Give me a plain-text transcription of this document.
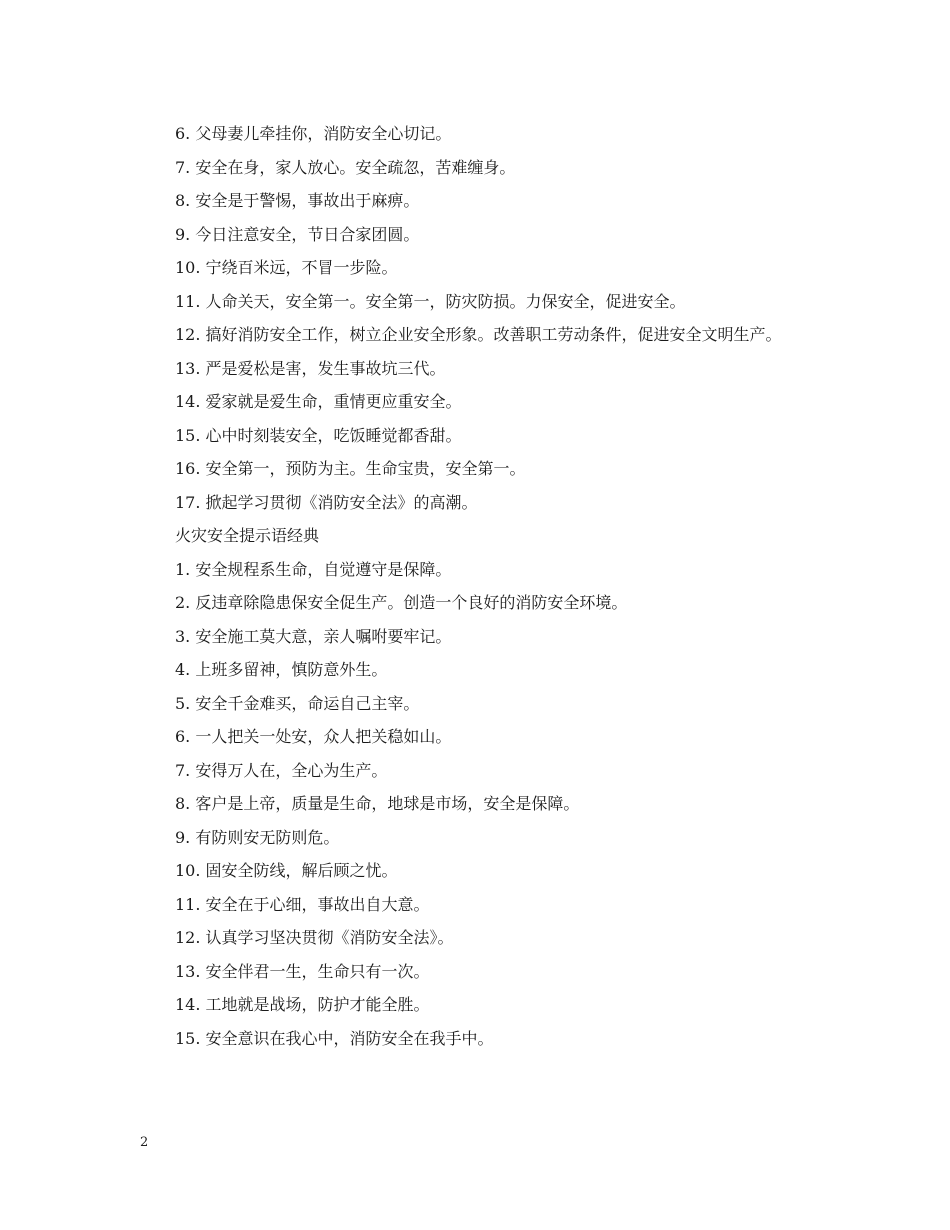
6. 父母妻儿牵挂你，消防安全心切记。

7. 安全在身，家人放心。安全疏忽，苦难缠身。

8. 安全是于警惕，事故出于麻痹。

9. 今日注意安全，节日合家团圆。

10. 宁绕百米远，不冒一步险。

11. 人命关天，安全第一。安全第一，防灾防损。力保安全，促进安全。

12. 搞好消防安全工作，树立企业安全形象。改善职工劳动条件，促进安全文明生产。

13. 严是爱松是害，发生事故坑三代。

14. 爱家就是爱生命，重情更应重安全。

15. 心中时刻装安全，吃饭睡觉都香甜。

16. 安全第一，预防为主。生命宝贵，安全第一。

17. 掀起学习贯彻《消防安全法》的高潮。

火灾安全提示语经典

1. 安全规程系生命，自觉遵守是保障。

2. 反违章除隐患保安全促生产。创造一个良好的消防安全环境。

3. 安全施工莫大意，亲人嘱咐要牢记。

4. 上班多留神，慎防意外生。

5. 安全千金难买，命运自己主宰。

6. 一人把关一处安，众人把关稳如山。

7. 安得万人在，全心为生产。

8. 客户是上帝，质量是生命，地球是市场，安全是保障。

9. 有防则安无防则危。

10. 固安全防线，解后顾之忧。

11. 安全在于心细，事故出自大意。

12. 认真学习坚决贯彻《消防安全法》。

13. 安全伴君一生，生命只有一次。

14. 工地就是战场，防护才能全胜。

15. 安全意识在我心中，消防安全在我手中。

2
